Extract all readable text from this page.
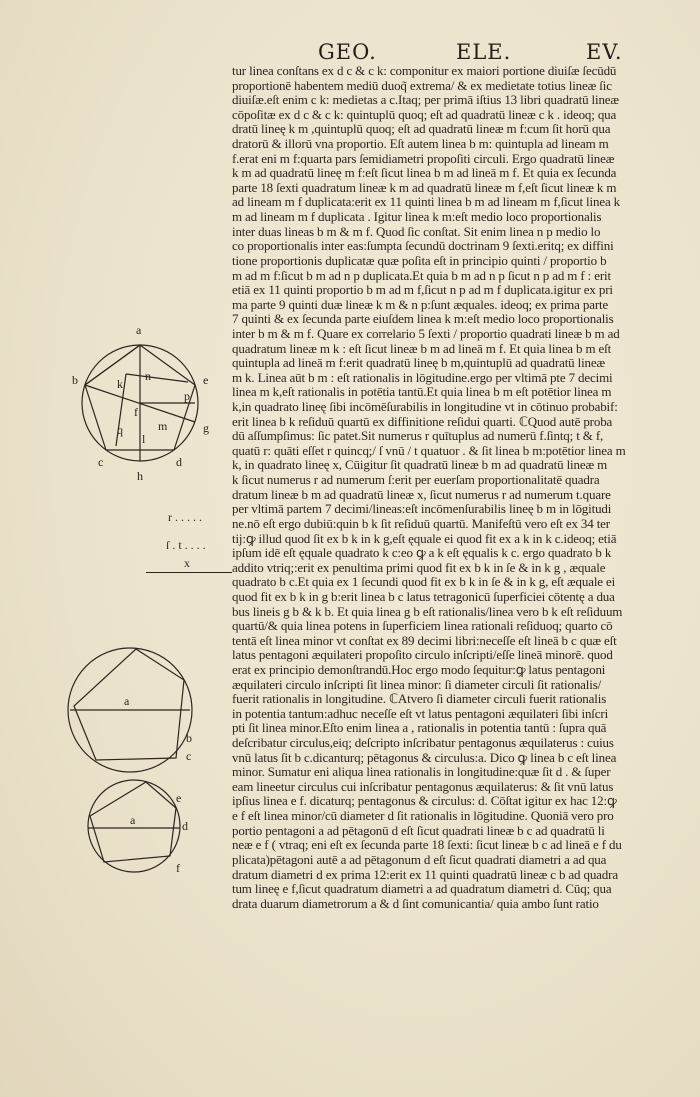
GEO.	ELE.	EV.
tur linea conſtans ex d c & c k: componitur ex maiori portione diuiſæ ſecūdū
proportionē habentem mediū duoq̃ extrema/ & ex medietate totius lineæ ſic
diuiſæ.eſt enim c k: medietas a c.Itaq; per primā iſtius 13 libri quadratū lineæ
cōpoſitæ ex d c & c k: quintuplū quoq; eſt ad quadratū lineæ c k . ideoq; qua
dratū lineę k m ,quintuplū quoq; eſt ad quadratū lineæ m f:cum ſit horū qua
dratorū & illorū vna proportio. Eſt autem linea b m: quintupla ad lineam m
f.erat eni m f:quarta pars ſemidiametri propoſiti circuli. Ergo quadratū lineæ
k m ad quadratū lineę m f:eſt ſicut linea b m ad lineā m f. Et quia ex ſecunda
parte 18 ſexti quadratum lineæ k m ad quadratū lineæ m f,eſt ſicut lineæ k m
ad lineam m f duplicata:erit ex 11 quinti linea b m ad lineam m f,ſicut linea k
m ad lineam m f duplicata . Igitur linea k m:eſt medio loco proportionalis
inter duas lineas b m & m f. Quod ſic conſtat. Sit enim linea n p medio lo
co proportionalis inter eas:ſumpta ſecundū doctrinam 9 ſexti.eritq; ex diffini
tione proportionis duplicatæ quæ poſita eſt in principio quinti / proportio b
m ad m f:ſicut b m ad n p duplicata.Et quia b m ad n p ſicut n p ad m f : erit
etiā ex 11 quinti proportio b m ad m f,ſicut n p ad m f duplicata.igitur ex pri
ma parte 9 quinti duæ lineæ k m & n p:ſunt æquales. ideoq; ex prima parte
7 quinti & ex ſecunda parte eiuſdem linea k m:eſt medio loco proportionalis
inter b m & m f. Quare ex correlario 5 ſexti / proportio quadrati lineæ b m ad
quadratum lineæ m k : eſt ſicut lineæ b m ad lineā m f. Et quia linea b m eſt
quintupla ad lineā m f:erit quadratū lineę b m,quintuplū ad quadratū lineæ
m k. Linea aūt b m : eſt rationalis in lōgitudine.ergo per vltimā pte 7 decimi
linea m k,eſt rationalis in potētia tantū.Et quia linea b m eſt potētior linea m
k,in quadrato lineę ſibi incōmēſurabilis in longitudine vt in cōtinuo probabif:
erit linea b k reſiduū quartū ex diffinitione reſidui quarti. ℂQuod autē proba
dū aſſumpſimus: ſic patet.Sit numerus r quītuplus ad numerū f.ſintq; t & f,
quatū r: quāti eſſet r quincq;/ ſ vnū / t quatuor . & ſit linea b m:potētior linea m
k, in quadrato lineę x, Cūigitur ſit quadratū lineæ b m ad quadratū lineæ m
k ſicut numerus r ad numerum ſ:erit per euerſam proportionalitatē quadra
dratum lineæ b m ad quadratū lineæ x, ſicut numerus r ad numerum t.quare
per vltimā partem 7 decimi/lineas:eſt incōmenſurabilis lineę b m in lōgitudi
ne.nō eſt ergo dubiū:quin b k ſit reſiduū quartū. Manifeſtū vero eſt ex 34 ter
tij:ꝙ illud quod ſit ex b k in k g,eſt ęquale ei quod fit ex a k in k c.ideoq; etiā
ipſum idē eſt ęquale quadrato k c:eo ꝙ a k eſt ęqualis k c. ergo quadrato b k
addito vtriq;:erit ex penultima primi quod fit ex b k in ſe & in k g , æquale
quadrato b c.Et quia ex 1 ſecundi quod fit ex b k in ſe & in k g, eſt æquale ei
quod fit ex b k in g b:erit linea b c latus tetragonicū ſuperficiei cōtentę a dua
bus lineis g b & k b. Et quia linea g b eſt rationalis/linea vero b k eſt reſiduum
quartū/& quia linea potens in ſuperficiem linea rationali reſiduoq; quarto cō
tentā eſt linea minor vt conſtat ex 89 decimi libri:neceſſe eſt lineā b c quæ eſt
latus pentagoni æquilateri propoſito circulo inſcripti/eſſe lineā minorē. quod
erat ex principio demonſtrandū.Hoc ergo modo ſequitur:ꝙ latus pentagoni
æquilateri circulo inſcripti ſit linea minor: ſi diameter circuli ſit rationalis/
fuerit rationalis in longitudine. ℂAtvero ſi diameter circuli fuerit rationalis
in potentia tantum:adhuc neceſſe eſt vt latus pentagoni æquilateri ſibi inſcri
pti ſit linea minor.Eſto enim linea a , rationalis in potentia tantū : ſupra quā
deſcribatur circulus,eiq; deſcripto inſcribatur pentagonus æquilaterus : cuius
vnū latus ſit b c.dicanturq; pētagonus & circulus:a. Dico ꝙ linea b c eſt linea
minor. Sumatur eni aliqua linea rationalis in longitudine:quæ ſit d . & ſuper
eam lineetur circulus cui inſcribatur pentagonus æquilaterus: & ſit vnū latus
ipſius linea e f. dicaturq; pentagonus & circulus: d. Cōſtat igitur ex hac 12:ꝙ
e f eſt linea minor/cū diameter d ſit rationalis in lōgitudine. Quoniā vero pro
portio pentagoni a ad pētagonū d eſt ſicut quadrati lineæ b c ad quadratū li
neæ e f ( vtraq; eni eſt ex ſecunda parte 18 ſexti: ſicut lineæ b c ad lineā e f du
plicata)pētagoni autē a ad pētagonum d eſt ſicut quadrati diametri a ad qua
dratum diametri d ex prima 12:erit ex 11 quinti quadratū lineæ c b ad quadra
tum lineę e f,ſicut quadratum diametri a ad quadratum diametri d. Cūq; qua
drata duarum diametrorum a & d ſint comunicantia/ quia ambo ſunt ratio
a
b	e
c	d
g
h
k
n
p
f
q
l
m
r . . . . .
ſ . t . . . .
x
a
b
c
e
d
a
f
